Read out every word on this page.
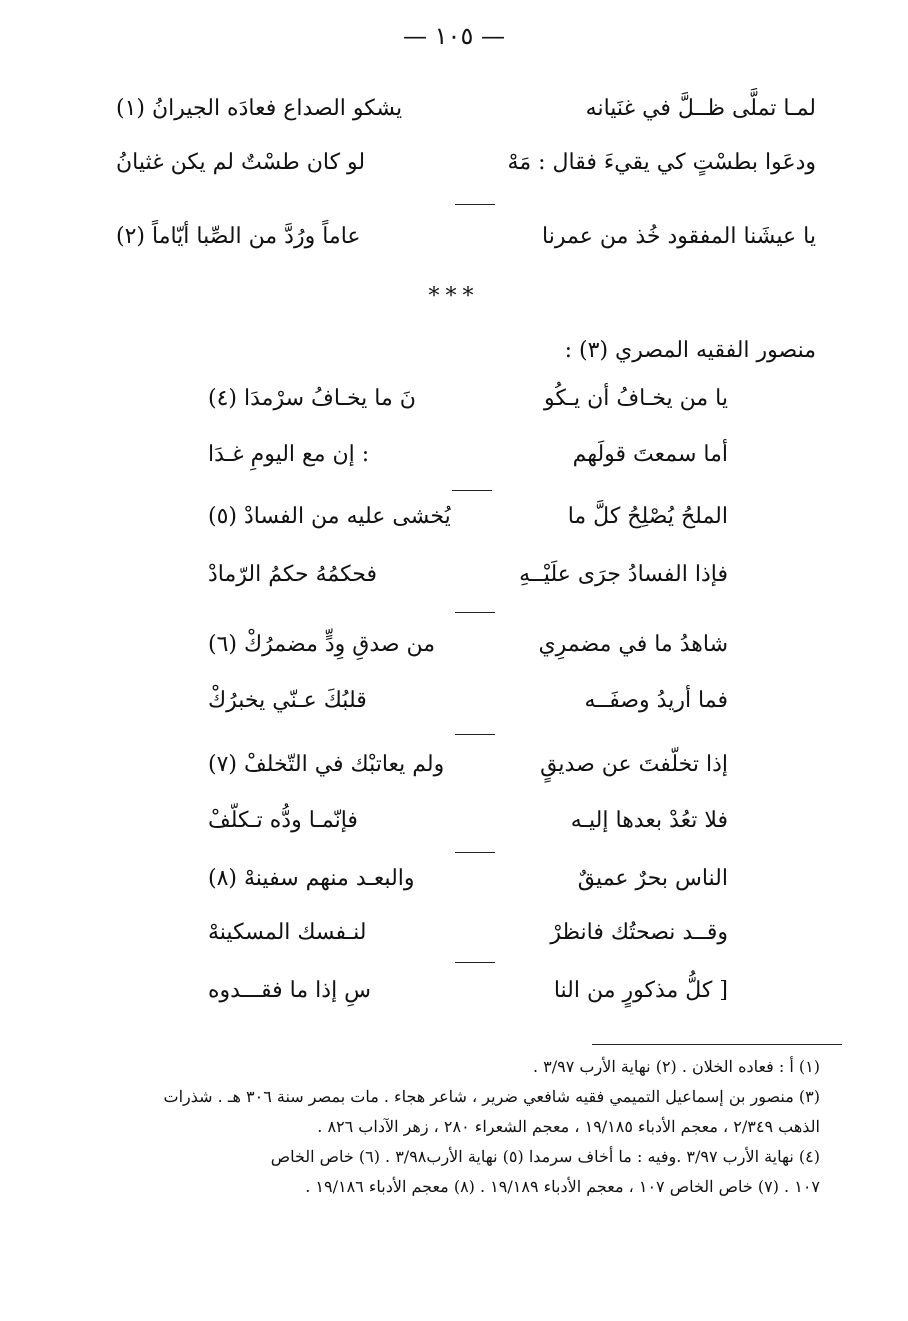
— ١٠٥ —
لمـا تملَّى ظــلَّ في غنَيانه
يشكو الصداع فعادَه الجيرانُ (١)
ودعَوا بطسْتٍ كي يقيءَ فقال : مَهْ
لو كان طسْتٌ لم يكن غثيانُ
يا عيشَنا المفقود خُذ من عمرنا
عاماً ورُدَّ من الصِّبا أيّاماً (٢)
***
منصور الفقيه المصري (٣) :
يا من يخـافُ أن يـكُو
نَ ما يخـافُ سرْمدَا (٤)
أما سمعتَ قولَهم
: إن مع اليومِ غـدَا
الملحُ يُصْلِحُ كلَّ ما
يُخشى عليه من الفسادْ (٥)
فإذا الفسادُ جرَى علَيْــهِ
فحكمُهُ حكمُ الرّمادْ
شاهدُ ما في مضمرِي
من صدقِ وِدٍّ مضمرُكْ (٦)
فما أريدُ وصفَــه
قلبُكَ عـنّي يخبرُكْ
إذا تخلّفتَ عن صديقٍ
ولم يعاتبْك في التّخلفْ (٧)
فلا تعُدْ بعدها إليـه
فإنّمـا ودُّه تـكلّفْ
الناس بحرٌ عميقٌ
والبعـد منهم سفينهْ (٨)
وقــد نصحتُك فانظرْ
لنـفسك المسكينهْ
[ كلُّ مذكورٍ من النا
سِ إذا ما فقـــدوه
(١) أ : فعاده الخلان . (٢) نهاية الأرب ٣/٩٧ .
(٣) منصور بن إسماعيل التميمي فقيه شافعي ضرير ، شاعر هجاء . مات بمصر سنة ٣٠٦ هـ . شذرات
الذهب ٢/٣٤٩ ، معجم الأدباء ١٩/١٨٥ ، معجم الشعراء ٢٨٠ ، زهر الآداب ٨٢٦ .
(٤) نهاية الأرب ٣/٩٧ .وفيه : ما أخاف سرمدا (٥) نهاية الأرب٣/٩٨ . (٦) خاص الخاص
١٠٧ . (٧) خاص الخاص ١٠٧ ، معجم الأدباء ١٩/١٨٩ . (٨) معجم الأدباء ١٩/١٨٦ .
